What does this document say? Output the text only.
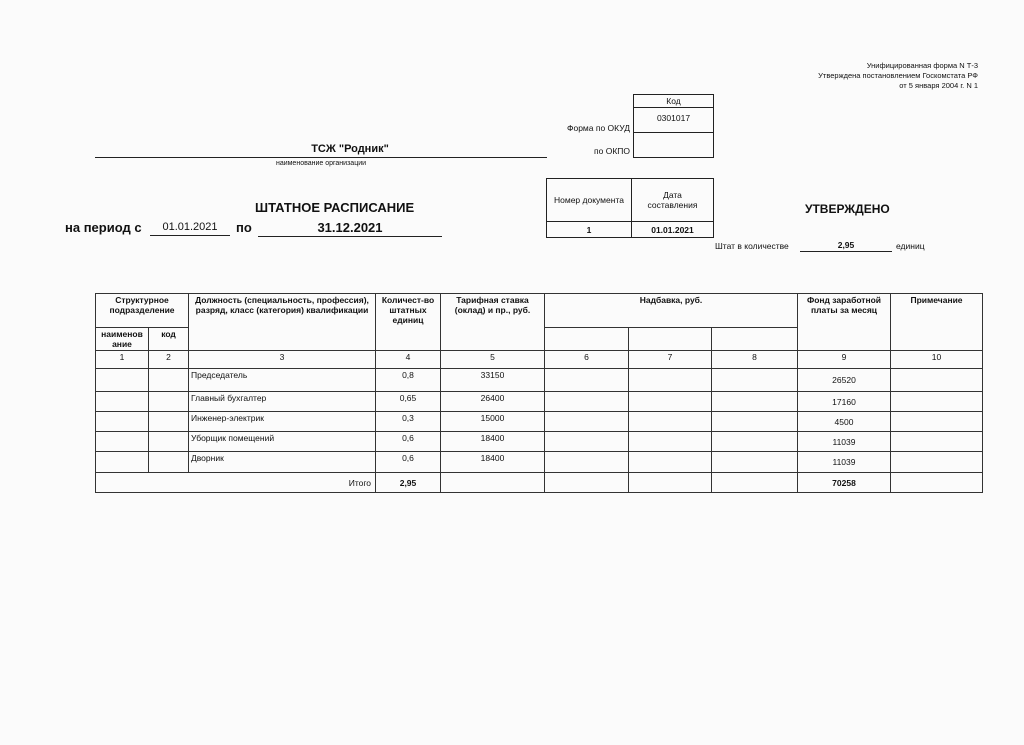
Унифицированная форма N Т-3
Утверждена постановлением Госкомстата РФ
от 5 января 2004 г. N 1
Код
0301017
Форма по ОКУД
по ОКПО
ТСЖ "Родник"
наименование организации
Номер документа	Дата составления
1	01.01.2021
ШТАТНОЕ РАСПИСАНИЕ
на период с	01.01.2021	по	31.12.2021
УТВЕРЖДЕНО
Штат в количестве	2,95	единиц
Структурное подразделение		Должность (специальность, профессия), разряд, класс (категория) квалификации	Количест-во штатных единиц	Тарифная ставка (оклад) и пр., руб.	Надбавка, руб.			Фонд заработной платы за месяц	Примечание
наименов ание	код								
1	2	3	4	5	6	7	8	9	10
		Председатель	0,8	33150				26520	
		Главный бухгалтер	0,65	26400				17160	
		Инженер-электрик	0,3	15000				4500	
		Уборщик помещений	0,6	18400				11039	
		Дворник	0,6	18400				11039	
Итого			2,95					70258	
